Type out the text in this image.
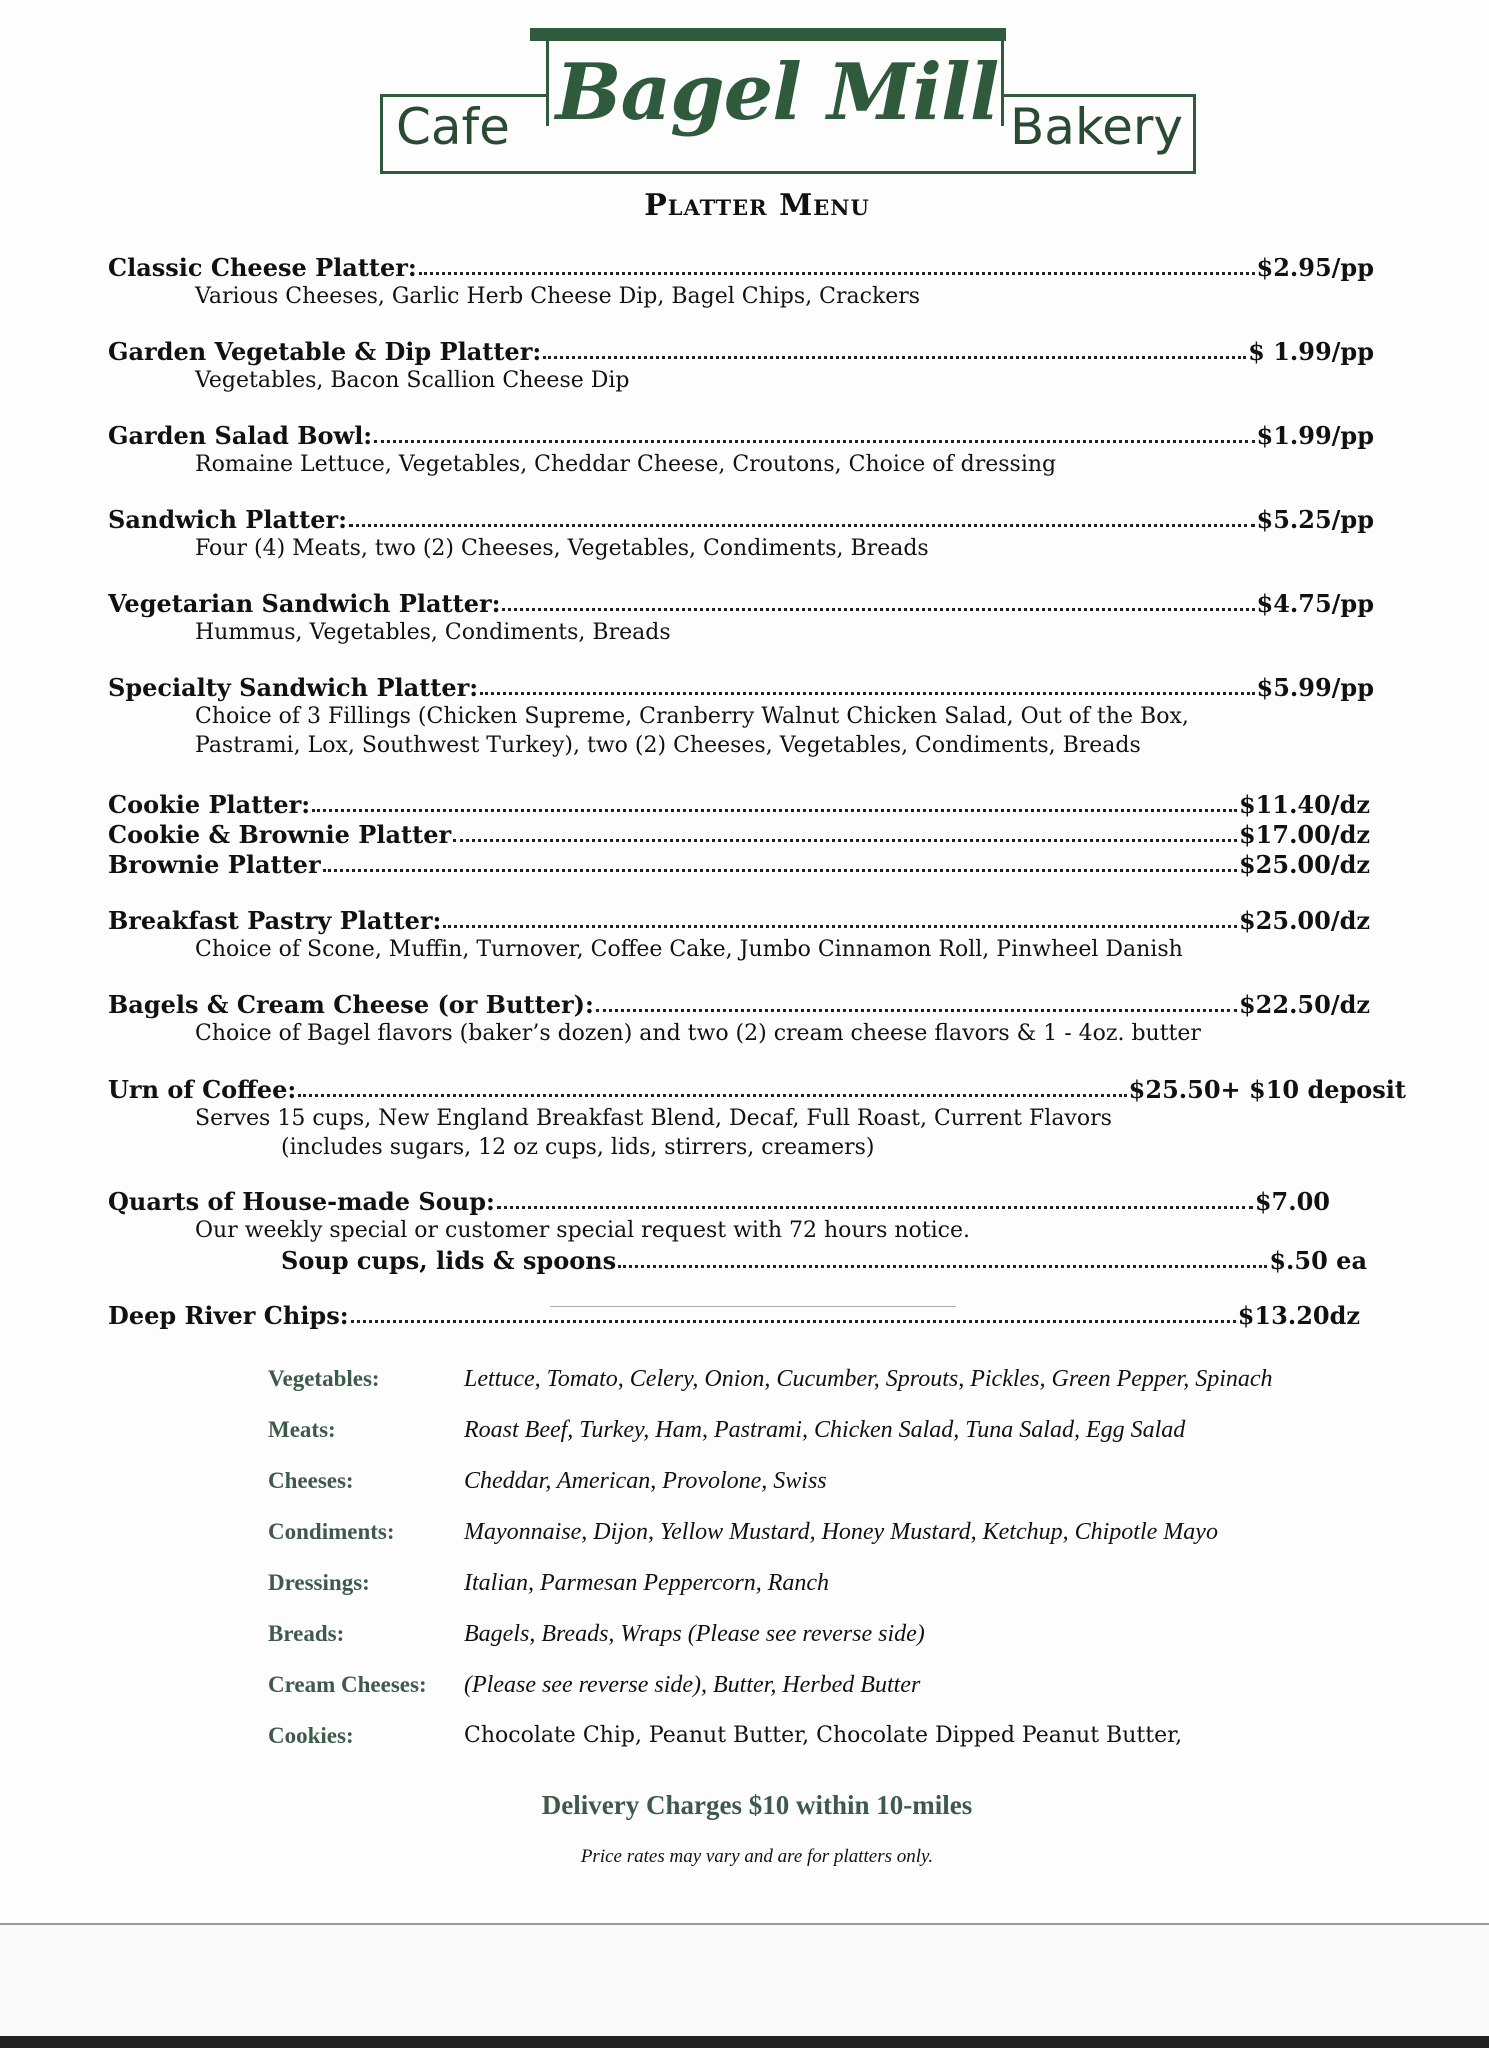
Cafe Bagel Mill Bakery
Platter Menu
Classic Cheese Platter:	$2.95/pp
Various Cheeses, Garlic Herb Cheese Dip, Bagel Chips, Crackers
Garden Vegetable & Dip Platter:	$ 1.99/pp
Vegetables, Bacon Scallion Cheese Dip
Garden Salad Bowl:	$1.99/pp
Romaine Lettuce, Vegetables, Cheddar Cheese, Croutons, Choice of dressing
Sandwich Platter:	$5.25/pp
Four (4) Meats, two (2) Cheeses, Vegetables, Condiments, Breads
Vegetarian Sandwich Platter:	$4.75/pp
Hummus, Vegetables, Condiments, Breads
Specialty Sandwich Platter:	$5.99/pp
Choice of 3 Fillings (Chicken Supreme, Cranberry Walnut Chicken Salad, Out of the Box,
Pastrami, Lox, Southwest Turkey), two (2) Cheeses, Vegetables, Condiments, Breads
Cookie Platter:	$11.40/dz
Cookie & Brownie Platter	$17.00/dz
Brownie Platter	$25.00/dz
Breakfast Pastry Platter:	$25.00/dz
Choice of Scone, Muffin, Turnover, Coffee Cake, Jumbo Cinnamon Roll, Pinwheel Danish
Bagels & Cream Cheese (or Butter):	$22.50/dz
Choice of Bagel flavors (baker’s dozen) and two (2) cream cheese flavors & 1 - 4oz. butter
Urn of Coffee:	$25.50+ $10 deposit
Serves 15 cups, New England Breakfast Blend, Decaf, Full Roast, Current Flavors
(includes sugars, 12 oz cups, lids, stirrers, creamers)
Quarts of House-made Soup:	$7.00
Our weekly special or customer special request with 72 hours notice.
Soup cups, lids & spoons	$.50 ea
Deep River Chips:	$13.20dz
Vegetables:	Lettuce, Tomato, Celery, Onion, Cucumber, Sprouts, Pickles, Green Pepper, Spinach
Meats:	Roast Beef, Turkey, Ham, Pastrami, Chicken Salad, Tuna Salad, Egg Salad
Cheeses:	Cheddar, American, Provolone, Swiss
Condiments:	Mayonnaise, Dijon, Yellow Mustard, Honey Mustard, Ketchup, Chipotle Mayo
Dressings:	Italian, Parmesan Peppercorn, Ranch
Breads:	Bagels, Breads, Wraps (Please see reverse side)
Cream Cheeses: (Please see reverse side), Butter, Herbed Butter
Cookies:	Chocolate Chip, Peanut Butter, Chocolate Dipped Peanut Butter,
Delivery Charges $10 within 10-miles
Price rates may vary and are for platters only.
